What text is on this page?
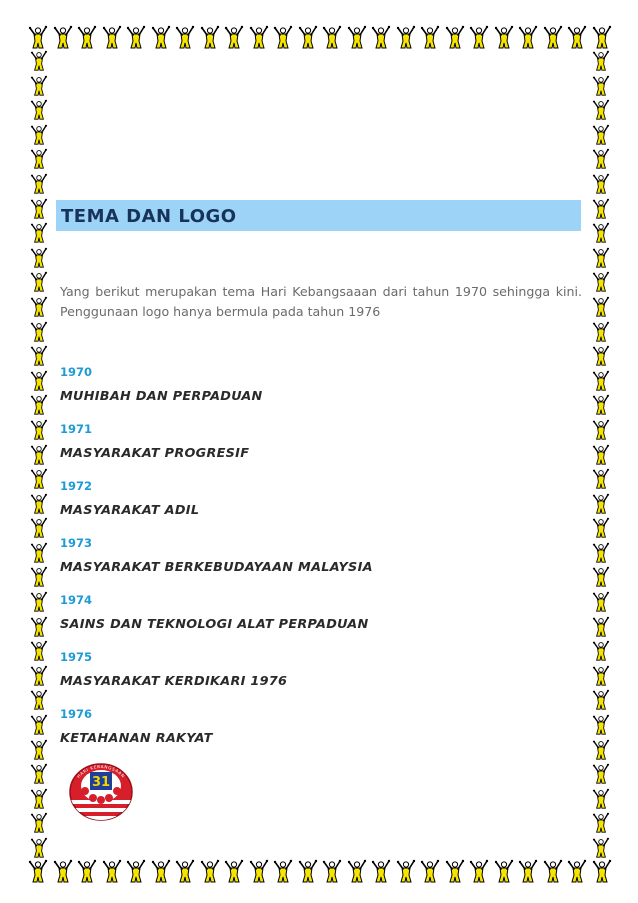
TEMA DAN LOGO
Yang berikut merupakan tema Hari Kebangsaaan dari tahun 1970 sehingga kini. Penggunaan logo hanya bermula pada tahun 1976
1970
MUHIBAH DAN PERPADUAN
1971
MASYARAKAT PROGRESIF
1972
MASYARAKAT ADIL
1973
MASYARAKAT BERKEBUDAYAAN MALAYSIA
1974
SAINS DAN TEKNOLOGI ALAT PERPADUAN
1975
MASYARAKAT KERDIKARI 1976
1976
KETAHANAN RAKYAT
31
HARI KEBANGSAAN
